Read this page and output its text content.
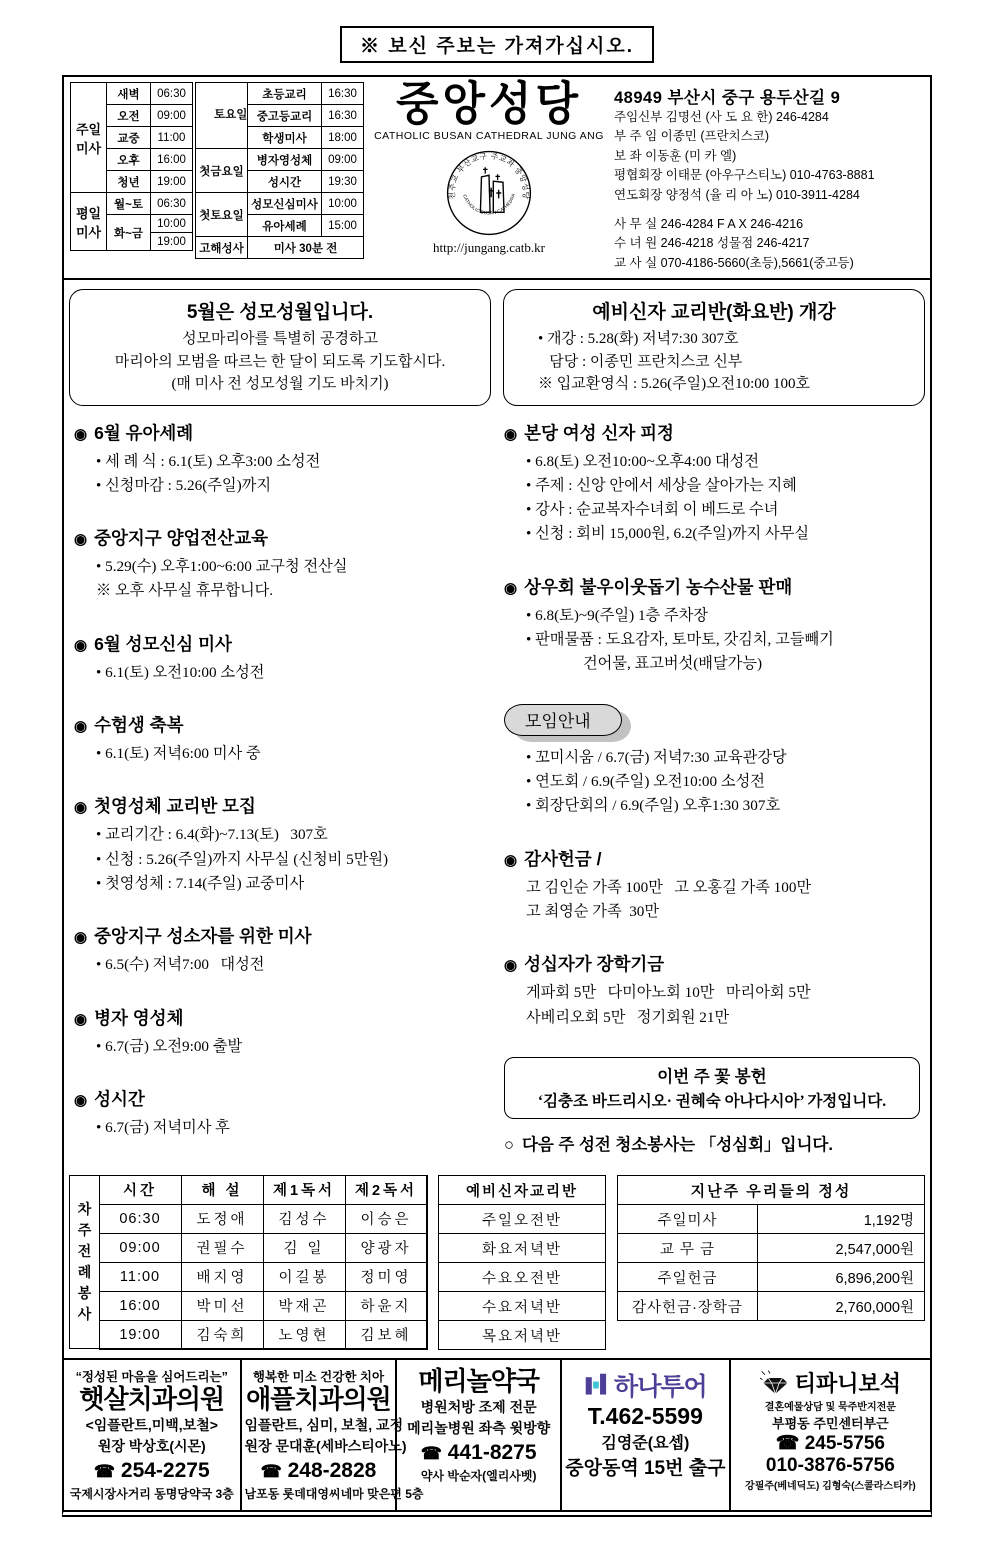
※ 보신 주보는 가져가십시오.
주일미사	새벽	06:30
	오전	09:00
	교중	11:00
	오후	16:00
	청년	19:00
평일미사	월~토	06:30
	화~금	10:00
		19:00
토요일	초등교리	16:30
	중고등교리	16:30
	학생미사	18:00
첫금요일	병자영성체	09:00
	성시간	19:30
첫토요일	성모신심미사	10:00
	유아세례	15:00
고해성사	미사 30분 전	
중앙성당
CATHOLIC BUSAN CATHEDRAL JUNG ANG
천주교 부산교구 주교좌 중앙성당
CATHOLIC BUSAN CATHEDRA
http://jungang.catb.kr
48949 부산시 중구 용두산길 9
주임신부 김명선 (사 도 요 한) 246-4284
부 주 임 이종민 (프란치스코)
보 좌 이동훈 (미 카 엘)
평협회장 이태문 (아우구스티노) 010-4763-8881
연도회장 양정석 (율 리 아 노) 010-3911-4284
사 무 실 246-4284 F A X 246-4216
수 녀 원 246-4218 성물점 246-4217
교 사 실 070-4186-5660(초등),5661(중고등)
5월은 성모성월입니다.
성모마리아를 특별히 공경하고
마리아의 모범을 따르는 한 달이 되도록 기도합시다.
(매 미사 전 성모성월 기도 바치기)
예비신자 교리반(화요반) 개강
• 개강 : 5.28(화) 저녁7:30 307호
담당 : 이종민 프란치스코 신부
※ 입교환영식 : 5.26(주일)오전10:00 100호
◉ 6월 유아세례
• 세 례 식 : 6.1(토) 오후3:00 소성전
• 신청마감 : 5.26(주일)까지
◉ 중앙지구 양업전산교육
• 5.29(수) 오후1:00~6:00 교구청 전산실
※ 오후 사무실 휴무합니다.
◉ 6월 성모신심 미사
• 6.1(토) 오전10:00 소성전
◉ 수험생 축복
• 6.1(토) 저녁6:00 미사 중
◉ 첫영성체 교리반 모집
• 교리기간 : 6.4(화)~7.13(토)   307호
• 신청 : 5.26(주일)까지 사무실 (신청비 5만원)
• 첫영성체 : 7.14(주일) 교중미사
◉ 중앙지구 성소자를 위한 미사
• 6.5(수) 저녁7:00   대성전
◉ 병자 영성체
• 6.7(금) 오전9:00 출발
◉ 성시간
• 6.7(금) 저녁미사 후
◉ 본당 여성 신자 피정
• 6.8(토) 오전10:00~오후4:00 대성전
• 주제 : 신앙 안에서 세상을 살아가는 지혜
• 강사 : 순교복자수녀회 이 베드로 수녀
• 신청 : 회비 15,000원, 6.2(주일)까지 사무실
◉ 상우회 불우이웃돕기 농수산물 판매
• 6.8(토)~9(주일) 1층 주차장
• 판매물품 : 도요감자, 토마토, 갓김치, 고들빼기
건어물, 표고버섯(배달가능)
모임안내
• 꼬미시움 / 6.7(금) 저녁7:30 교육관강당
• 연도회 / 6.9(주일) 오전10:00 소성전
• 회장단회의 / 6.9(주일) 오후1:30 307호
◉ 감사헌금 /
고 김인순 가족 100만   고 오홍길 가족 100만
고 최영순 가족  30만
◉ 성십자가 장학기금
게파회 5만   다미아노회 10만   마리아회 5만
사베리오회 5만   정기회원 21만
이번 주 꽃 봉헌
‘김충조 바드리시오· 권혜숙 아나다시아’ 가정입니다.
○ 다음 주 성전 청소봉사는 「성심회」입니다.
차주전례봉사
시간	해 설	제1독서	제2독서
06:30	도정애	김성수	이승은
09:00	권필수	김 일	양광자
11:00	배지영	이길봉	정미영
16:00	박미선	박재곤	하윤지
19:00	김숙희	노영현	김보혜
예비신자교리반
주일오전반
화요저녁반
수요오전반
수요저녁반
목요저녁반
지난주 우리들의 정성	
주일미사	1,192명
교 무 금	2,547,000원
주일헌금	6,896,200원
감사헌금·장학금	2,760,000원
“정성된 마음을 심어드리는”
햇살치과의원
<임플란트,미백,보철>
원장 박상호(시몬)
☎ 254-2275
국제시장사거리 동명당약국 3층
행복한 미소 건강한 치아
애플치과의원
임플란트, 심미, 보철, 교정
원장 문대훈(세바스티아노)
☎ 248-2828
남포동 롯데대영씨네마 맞은편 5층
메리놀약국
병원처방 조제 전문
메리놀병원 좌측 윗방향
☎ 441-8275
약사 박순자(엘리사벳)
하나투어
T.462-5599
김영준(요셉)
중앙동역 15번 출구
티파니보석
결혼예물상담 및 묵주반지전문
부평동 주민센터부근
☎ 245-5756
010-3876-5756
강필주(베네딕도) 김형숙(스콜라스티카)
